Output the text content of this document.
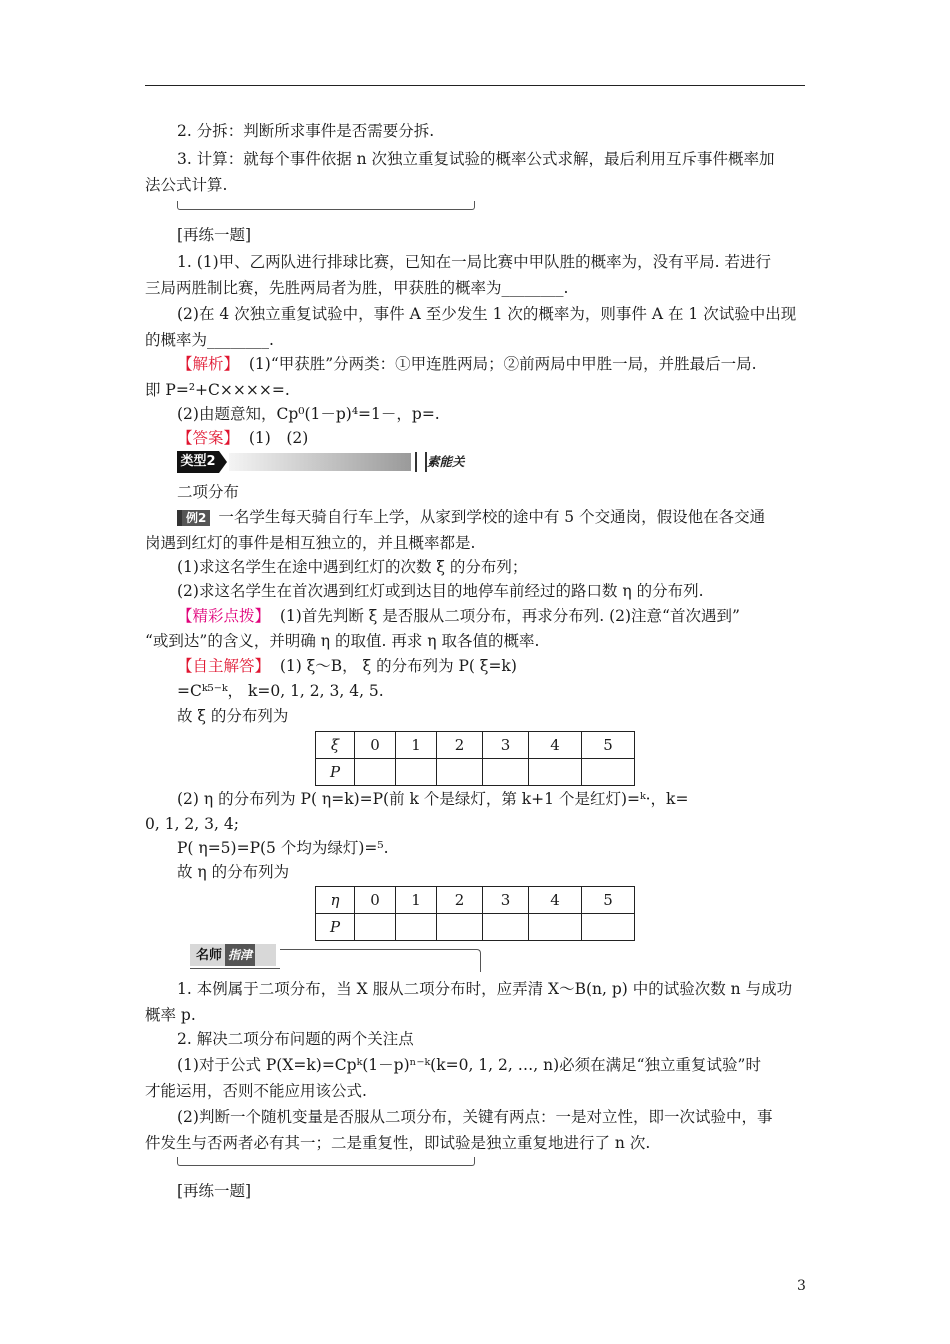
2. 分拆：判断所求事件是否需要分拆.
3. 计算：就每个事件依据 n 次独立重复试验的概率公式求解，最后利用互斥事件概率加
法公式计算.
[再练一题]
1. (1)甲、乙两队进行排球比赛，已知在一局比赛中甲队胜的概率为，没有平局. 若进行
三局两胜制比赛，先胜两局者为胜，甲获胜的概率为________.
(2)在 4 次独立重复试验中，事件 A 至少发生 1 次的概率为，则事件 A 在 1 次试验中出现
的概率为________.
【解析】 (1)“甲获胜”分两类：①甲连胜两局；②前两局中甲胜一局，并胜最后一局.
即 P=²+C××××=.
(2)由题意知，Cp⁰(1－p)⁴=1－，p=.
【答案】 (1)　(2)
类型2	素能关
二项分布
例2 一名学生每天骑自行车上学，从家到学校的途中有 5 个交通岗，假设他在各交通
岗遇到红灯的事件是相互独立的，并且概率都是.
(1)求这名学生在途中遇到红灯的次数 ξ 的分布列；
(2)求这名学生在首次遇到红灯或到达目的地停车前经过的路口数 η 的分布列.
【精彩点拨】 (1)首先判断 ξ 是否服从二项分布，再求分布列. (2)注意“首次遇到”
“或到达”的含义，并明确 η 的取值. 再求 η 取各值的概率.
【自主解答】 (1) ξ～B， ξ 的分布列为 P( ξ=k)
=Cᵏ⁵⁻ᵏ， k=0, 1, 2, 3, 4, 5.
故 ξ 的分布列为
ξ	0	1	2	3	4	5
P						
(2) η 的分布列为 P( η=k)=P(前 k 个是绿灯，第 k+1 个是红灯)=ᵏ·，k=
0, 1, 2, 3, 4;
P( η=5)=P(5 个均为绿灯)=⁵.
故 η 的分布列为
η	0	1	2	3	4	5
P						
名师 指津
1. 本例属于二项分布，当 X 服从二项分布时，应弄清 X～B(n, p) 中的试验次数 n 与成功
概率 p.
2. 解决二项分布问题的两个关注点
(1)对于公式 P(X=k)=Cpᵏ(1－p)ⁿ⁻ᵏ(k=0, 1, 2, …, n)必须在满足“独立重复试验”时
才能运用，否则不能应用该公式.
(2)判断一个随机变量是否服从二项分布，关键有两点：一是对立性，即一次试验中，事
件发生与否两者必有其一；二是重复性，即试验是独立重复地进行了 n 次.
[再练一题]
3
